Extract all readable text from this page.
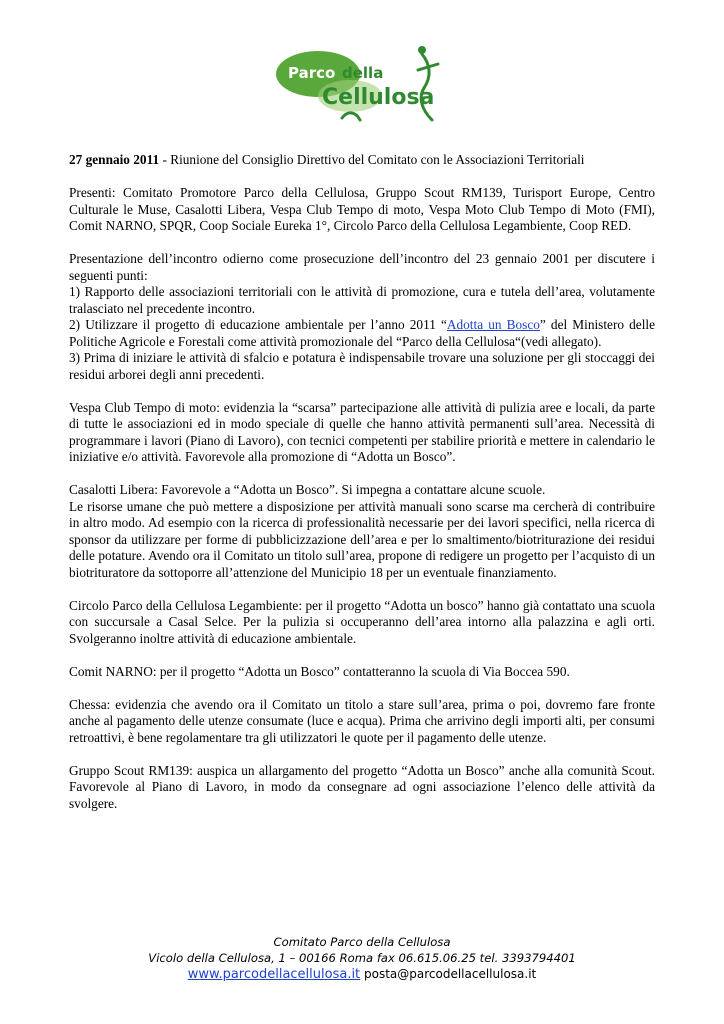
Parco della
Cellulosa

27 gennaio 2011 - Riunione del Consiglio Direttivo del Comitato con le Associazioni Territoriali

Presenti: Comitato Promotore Parco della Cellulosa, Gruppo Scout RM139, Turisport Europe, Centro Culturale le Muse, Casalotti Libera, Vespa Club Tempo di moto, Vespa Moto Club Tempo di Moto (FMI), Comit NARNO, SPQR, Coop Sociale Eureka 1°, Circolo Parco della Cellulosa Legambiente, Coop RED.

Presentazione dell’incontro odierno come prosecuzione dell’incontro del 23 gennaio 2001 per discutere i seguenti punti:

1) Rapporto delle associazioni territoriali con le attività di promozione, cura e tutela dell’area, volutamente tralasciato nel precedente incontro.

2) Utilizzare il progetto di educazione ambientale per l’anno 2011 “Adotta un Bosco” del Ministero delle Politiche Agricole e Forestali come attività promozionale del “Parco della Cellulosa“(vedi allegato).

3) Prima di iniziare le attività di sfalcio e potatura è indispensabile trovare una soluzione per gli stoccaggi dei residui arborei degli anni precedenti.

Vespa Club Tempo di moto: evidenzia la “scarsa” partecipazione alle attività di pulizia aree e locali, da parte di tutte le associazioni ed in modo speciale di quelle che hanno attività permanenti sull’area. Necessità di programmare i lavori (Piano di Lavoro), con tecnici competenti per stabilire priorità e mettere in calendario le iniziative e/o attività. Favorevole alla promozione di “Adotta un Bosco”.

Casalotti Libera: Favorevole a “Adotta un Bosco”. Si impegna a contattare alcune scuole.

Le risorse umane che può mettere a disposizione per attività manuali sono scarse ma cercherà di contribuire in altro modo. Ad esempio con la ricerca di professionalità necessarie per dei lavori specifici, nella ricerca di sponsor da utilizzare per forme di pubblicizzazione dell’area e per lo smaltimento/biotriturazione dei residui delle potature. Avendo ora il Comitato un titolo sull’area, propone di redigere un progetto per l’acquisto di un biotrituratore da sottoporre all’attenzione del Municipio 18 per un eventuale finanziamento.

Circolo Parco della Cellulosa Legambiente: per il progetto “Adotta un bosco” hanno già contattato una scuola con succursale a Casal Selce. Per la pulizia si occuperanno dell’area intorno alla palazzina e agli orti. Svolgeranno inoltre attività di educazione ambientale.

Comit NARNO: per il progetto “Adotta un Bosco” contatteranno la scuola di Via Boccea 590.

Chessa: evidenzia che avendo ora il Comitato un titolo a stare sull’area, prima o poi, dovremo fare fronte anche al pagamento delle utenze consumate (luce e acqua). Prima che arrivino degli importi alti, per consumi retroattivi, è bene regolamentare tra gli utilizzatori le quote per il pagamento delle utenze.

Gruppo Scout RM139: auspica un allargamento del progetto “Adotta un Bosco” anche alla comunità Scout. Favorevole al Piano di Lavoro, in modo da consegnare ad ogni associazione l’elenco delle attività da svolgere.

Comitato Parco della Cellulosa
Vicolo della Cellulosa, 1 – 00166 Roma fax 06.615.06.25 tel. 3393794401
www.parcodellacellulosa.it posta@parcodellacellulosa.it
